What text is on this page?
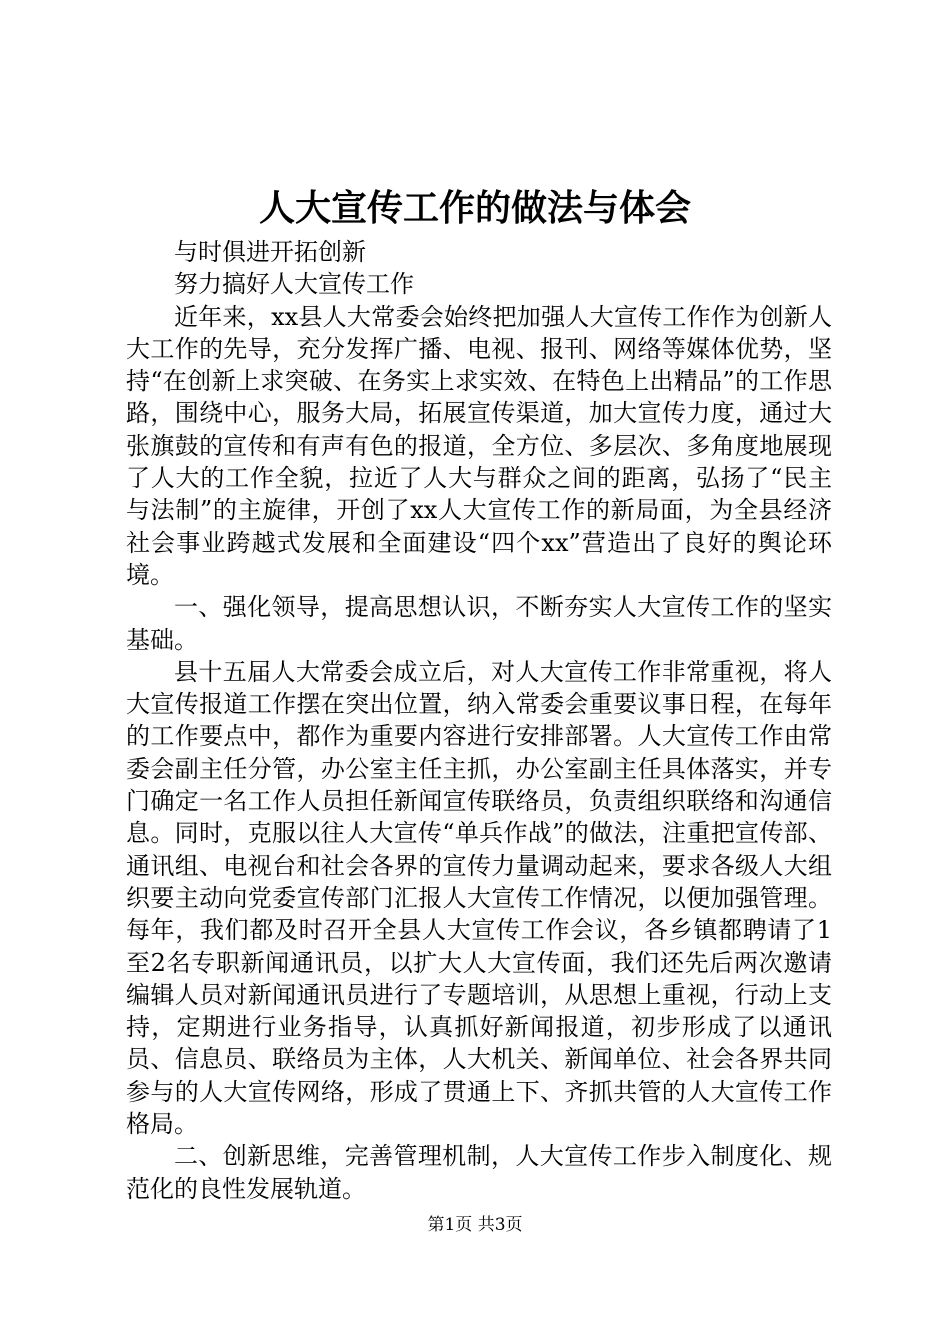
人大宣传工作的做法与体会

与时俱进开拓创新

努力搞好人大宣传工作

近年来，xx县人大常委会始终把加强人大宣传工作作为创新人大工作的先导，充分发挥广播、电视、报刊、网络等媒体优势，坚持“在创新上求突破、在务实上求实效、在特色上出精品”的工作思路，围绕中心，服务大局，拓展宣传渠道，加大宣传力度，通过大张旗鼓的宣传和有声有色的报道，全方位、多层次、多角度地展现了人大的工作全貌，拉近了人大与群众之间的距离，弘扬了“民主与法制”的主旋律，开创了xx人大宣传工作的新局面，为全县经济社会事业跨越式发展和全面建设“四个xx”营造出了良好的舆论环境。

一、强化领导，提高思想认识，不断夯实人大宣传工作的坚实基础。

县十五届人大常委会成立后，对人大宣传工作非常重视，将人大宣传报道工作摆在突出位置，纳入常委会重要议事日程，在每年的工作要点中，都作为重要内容进行安排部署。人大宣传工作由常委会副主任分管，办公室主任主抓，办公室副主任具体落实，并专门确定一名工作人员担任新闻宣传联络员，负责组织联络和沟通信息。同时，克服以往人大宣传“单兵作战”的做法，注重把宣传部、通讯组、电视台和社会各界的宣传力量调动起来，要求各级人大组织要主动向党委宣传部门汇报人大宣传工作情况，以便加强管理。每年，我们都及时召开全县人大宣传工作会议，各乡镇都聘请了1至2名专职新闻通讯员，以扩大人大宣传面，我们还先后两次邀请编辑人员对新闻通讯员进行了专题培训，从思想上重视，行动上支持，定期进行业务指导，认真抓好新闻报道，初步形成了以通讯员、信息员、联络员为主体，人大机关、新闻单位、社会各界共同参与的人大宣传网络，形成了贯通上下、齐抓共管的人大宣传工作格局。

二、创新思维，完善管理机制，人大宣传工作步入制度化、规范化的良性发展轨道。

第1页 共3页
